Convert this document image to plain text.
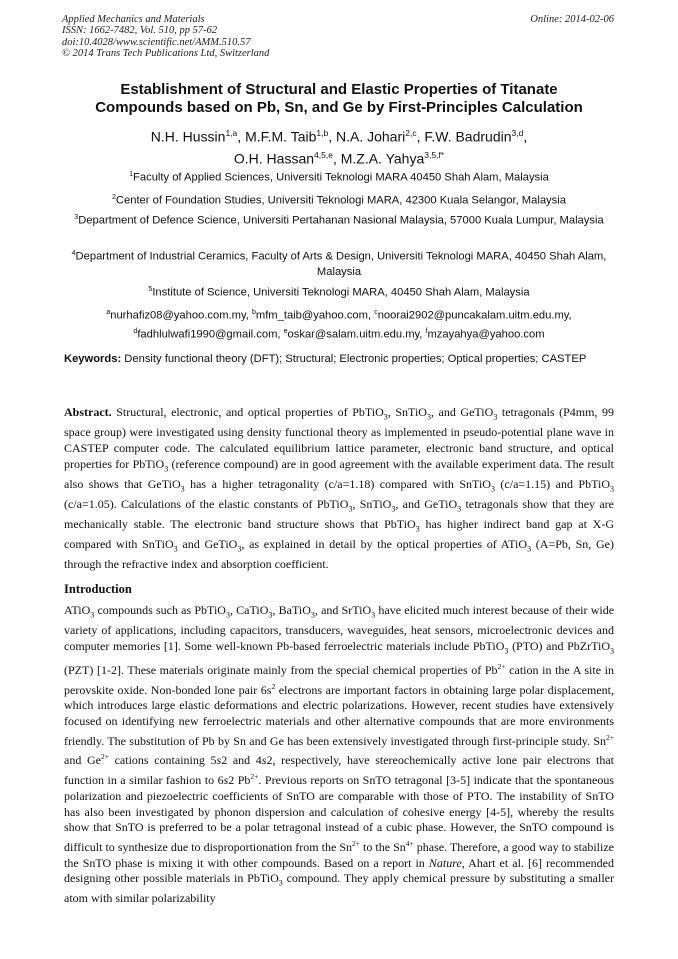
Applied Mechanics and Materials
ISSN: 1662-7482, Vol. 510, pp 57-62
doi:10.4028/www.scientific.net/AMM.510.57
© 2014 Trans Tech Publications Ltd, Switzerland
Online: 2014-02-06
Establishment of Structural and Elastic Properties of Titanate
Compounds based on Pb, Sn, and Ge by First-Principles Calculation
N.H. Hussin$^{1,a}$, M.F.M. Taib$^{1,b}$, N.A. Johari$^{2,c}$, F.W. Badrudin$^{3,d}$,
O.H. Hassan$^{4,5,e}$, M.Z.A. Yahya$^{3,5,f*}$
$^1$Faculty of Applied Sciences, Universiti Teknologi MARA 40450 Shah Alam, Malaysia
$^2$Center of Foundation Studies, Universiti Teknologi MARA, 42300 Kuala Selangor, Malaysia
$^3$Department of Defence Science, Universiti Pertahanan Nasional Malaysia, 57000 Kuala Lumpur, Malaysia
$^4$Department of Industrial Ceramics, Faculty of Arts & Design, Universiti Teknologi MARA, 40450 Shah Alam, Malaysia
$^5$Institute of Science, Universiti Teknologi MARA, 40450 Shah Alam, Malaysia
$^a$nurhafiz08@yahoo.com.my, $^b$mfm_taib@yahoo.com, $^c$noorai2902@puncakalam.uitm.edu.my,
$^d$fadhlulwafi1990@gmail.com, $^e$oskar@salam.uitm.edu.my, $^f$mzayahya@yahoo.com
Keywords: Density functional theory (DFT); Structural; Electronic properties; Optical properties; CASTEP
Abstract. Structural, electronic, and optical properties of PbTiO$_3$, SnTiO$_3$, and GeTiO$_3$ tetragonals (P4mm, 99 space group) were investigated using density functional theory as implemented in pseudo-potential plane wave in CASTEP computer code. The calculated equilibrium lattice parameter, electronic band structure, and optical properties for PbTiO$_3$ (reference compound) are in good agreement with the available experiment data. The result also shows that GeTiO$_3$ has a higher tetragonality (c/a=1.18) compared with SnTiO$_3$ (c/a=1.15) and PbTiO$_3$ (c/a=1.05). Calculations of the elastic constants of PbTiO$_3$, SnTiO$_3$, and GeTiO$_3$ tetragonals show that they are mechanically stable. The electronic band structure shows that PbTiO$_3$ has higher indirect band gap at X-G compared with SnTiO$_3$ and GeTiO$_3$, as explained in detail by the optical properties of ATiO$_3$ (A=Pb, Sn, Ge) through the refractive index and absorption coefficient.
Introduction
ATiO$_3$ compounds such as PbTiO$_3$, CaTiO$_3$, BaTiO$_3$, and SrTiO$_3$ have elicited much interest because of their wide variety of applications, including capacitors, transducers, waveguides, heat sensors, microelectronic devices and computer memories [1]. Some well-known Pb-based ferroelectric materials include PbTiO$_3$ (PTO) and PbZrTiO$_3$ (PZT) [1-2]. These materials originate mainly from the special chemical properties of $Pb^{2+}$ cation in the A site in perovskite oxide. Non-bonded lone pair $6s^2$ electrons are important factors in obtaining large polar displacement, which introduces large elastic deformations and electric polarizations. However, recent studies have extensively focused on identifying new ferroelectric materials and other alternative compounds that are more environments friendly. The substitution of Pb by Sn and Ge has been extensively investigated through first-principle study. $Sn^{2+}$ and $Ge^{2+}$ cations containing 5s2 and 4s2, respectively, have stereochemically active lone pair electrons that function in a similar fashion to 6s2 $Pb^{2+}$. Previous reports on SnTO tetragonal [3-5] indicate that the spontaneous polarization and piezoelectric coefficients of SnTO are comparable with those of PTO. The instability of SnTO has also been investigated by phonon dispersion and calculation of cohesive energy [4-5], whereby the results show that SnTO is preferred to be a polar tetragonal instead of a cubic phase. However, the SnTO compound is difficult to synthesize due to disproportionation from the $Sn^{2+}$ to the $Sn^{4+}$ phase. Therefore, a good way to stabilize the SnTO phase is mixing it with other compounds. Based on a report in Nature, Ahart et al. [6] recommended designing other possible materials in PbTiO$_3$ compound. They apply chemical pressure by substituting a smaller atom with similar polarizability
